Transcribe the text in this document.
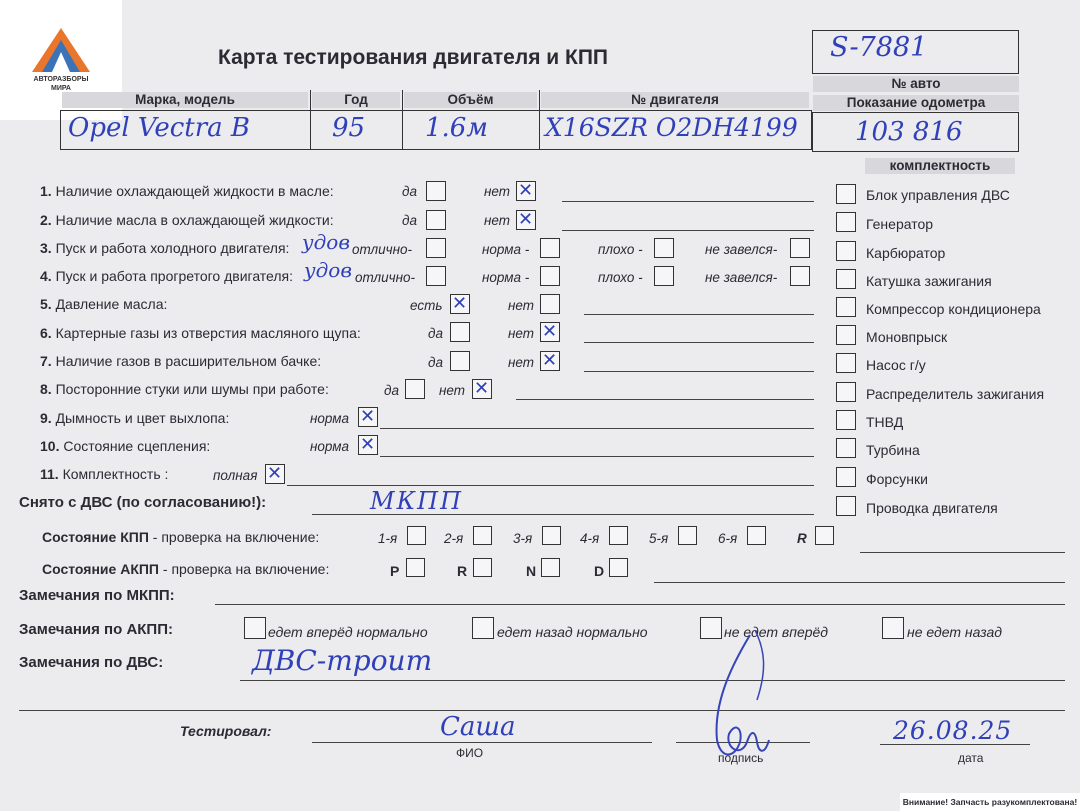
АВТОРАЗБОРЫ
МИРА
Карта тестирования двигателя и КПП	S-7881
№ авто
Показание одометра
103 816
Марка, модель	Год	Объём	№ двигателя
Opel Vectra B	95 1.6м X16SZR O2DH4199
комплектность
Блок управления ДВС
Генератор
Карбюратор
Катушка зажигания
Компрессор кондиционера
Моновпрыск
Насос г/у
Распределитель зажигания
ТНВД
Турбина
Форсунки
Проводка двигателя
1. Наличие охлаждающей жидкости в масле:	да	нет ✕
2. Наличие масла в охлаждающей жидкости:	да	нет ✕
3. Пуск и работа холодного двигателя: удов отлично-	норма -	плохо -	не завелся-
4. Пуск и работа прогретого двигателя: удов отлично-	норма -	плохо -	не завелся-
5. Давление масла:	есть ✕	нет
6. Картерные газы из отверстия масляного щупа:	да	нет ✕
7. Наличие газов в расширительном бачке:	да	нет ✕
8. Посторонние стуки или шумы при работе:	да	нет ✕
9. Дымность и цвет выхлопа:	норма ✕
10. Состояние сцепления:	норма ✕
11. Комплектность :	полная ✕
Снято с ДВС (по согласованию!):	МКПП
Состояние КПП - проверка на включение:	1-я	2-я	3-я	4-я	5-я	6-я	R
Состояние АКПП - проверка на включение:	P	R	N	D
Замечания по МКПП:
Замечания по АКПП:	едет вперёд нормально	едет назад нормально	не едет вперёд	не едет назад
Замечания по ДВС:	ДВС-троит
Тестировал:	Саша
ФИО	подпись
26.08.25
дата
Внимание! Запчасть разукомплектована!
